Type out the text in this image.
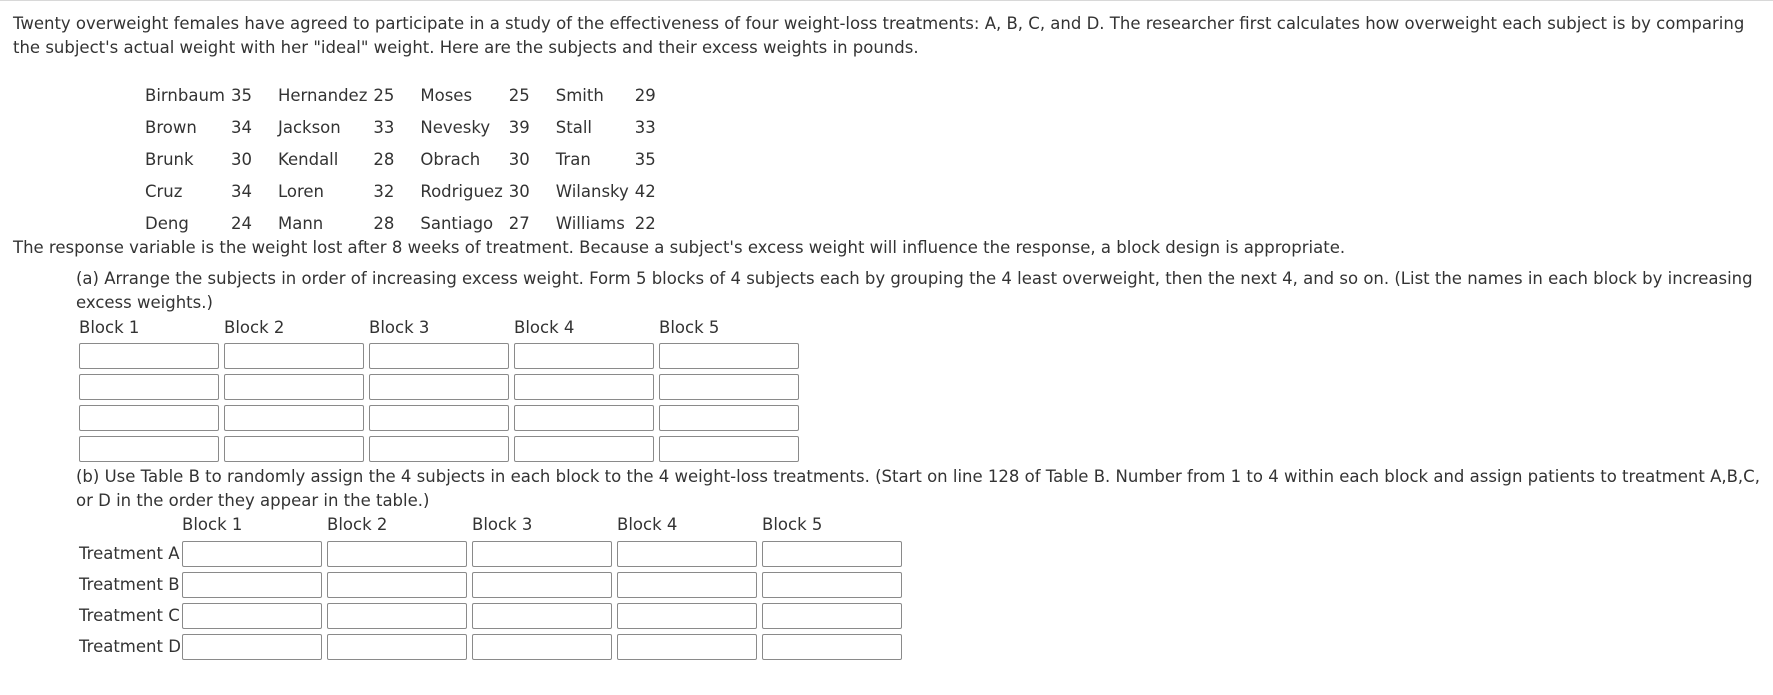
Twenty overweight females have agreed to participate in a study of the effectiveness of four weight-loss treatments: A, B, C, and D. The researcher first calculates how overweight each subject is by comparing the subject's actual weight with her "ideal" weight. Here are the subjects and their excess weights in pounds.
Birnbaum	35	Hernandez	25	Moses	25	Smith	29
Brown	34	Jackson	33	Nevesky	39	Stall	33
Brunk	30	Kendall	28	Obrach	30	Tran	35
Cruz	34	Loren	32	Rodriguez	30	Wilansky	42
Deng	24	Mann	28	Santiago	27	Williams	22
The response variable is the weight lost after 8 weeks of treatment. Because a subject's excess weight will influence the response, a block design is appropriate.
(a) Arrange the subjects in order of increasing excess weight. Form 5 blocks of 4 subjects each by grouping the 4 least overweight, then the next 4, and so on. (List the names in each block by increasing excess weights.)
Block 1	Block 2	Block 3	Block 4	Block 5
(b) Use Table B to randomly assign the 4 subjects in each block to the 4 weight-loss treatments. (Start on line 128 of Table B. Number from 1 to 4 within each block and assign patients to treatment A,B,C, or D in the order they appear in the table.)
Block 1	Block 2	Block 3	Block 4	Block 5
Treatment A
Treatment B
Treatment C
Treatment D
